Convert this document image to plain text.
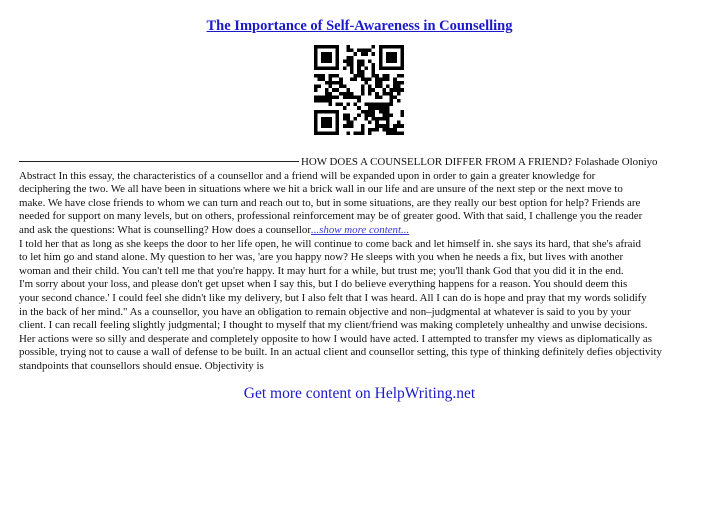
The Importance of Self-Awareness in Counselling
HOW DOES A COUNSELLOR DIFFER FROM A FRIEND? Folashade Oloniyo
Abstract In this essay, the characteristics of a counsellor and a friend will be expanded upon in order to gain a greater knowledge for
deciphering the two. We all have been in situations where we hit a brick wall in our life and are unsure of the next step or the next move to
make. We have close friends to whom we can turn and reach out to, but in some situations, are they really our best option for help? Friends are
needed for support on many levels, but on others, professional reinforcement may be of greater good. With that said, I challenge you the reader
and ask the questions: What is counselling? How does a counsellor...show more content...
I told her that as long as she keeps the door to her life open, he will continue to come back and let himself in. she says its hard, that she's afraid
to let him go and stand alone. My question to her was, 'are you happy now? He sleeps with you when he needs a fix, but lives with another
woman and their child. You can't tell me that you're happy. It may hurt for a while, but trust me; you'll thank God that you did it in the end.
I'm sorry about your loss, and please don't get upset when I say this, but I do believe everything happens for a reason. You should deem this
your second chance.' I could feel she didn't like my delivery, but I also felt that I was heard. All I can do is hope and pray that my words solidify
in the back of her mind." As a counsellor, you have an obligation to remain objective and non–judgmental at whatever is said to you by your
client. I can recall feeling slightly judgmental; I thought to myself that my client/friend was making completely unhealthy and unwise decisions.
Her actions were so silly and desperate and completely opposite to how I would have acted. I attempted to transfer my views as diplomatically as
possible, trying not to cause a wall of defense to be built. In an actual client and counsellor setting, this type of thinking definitely defies objectivity
standpoints that counsellors should ensue. Objectivity is
Get more content on HelpWriting.net
